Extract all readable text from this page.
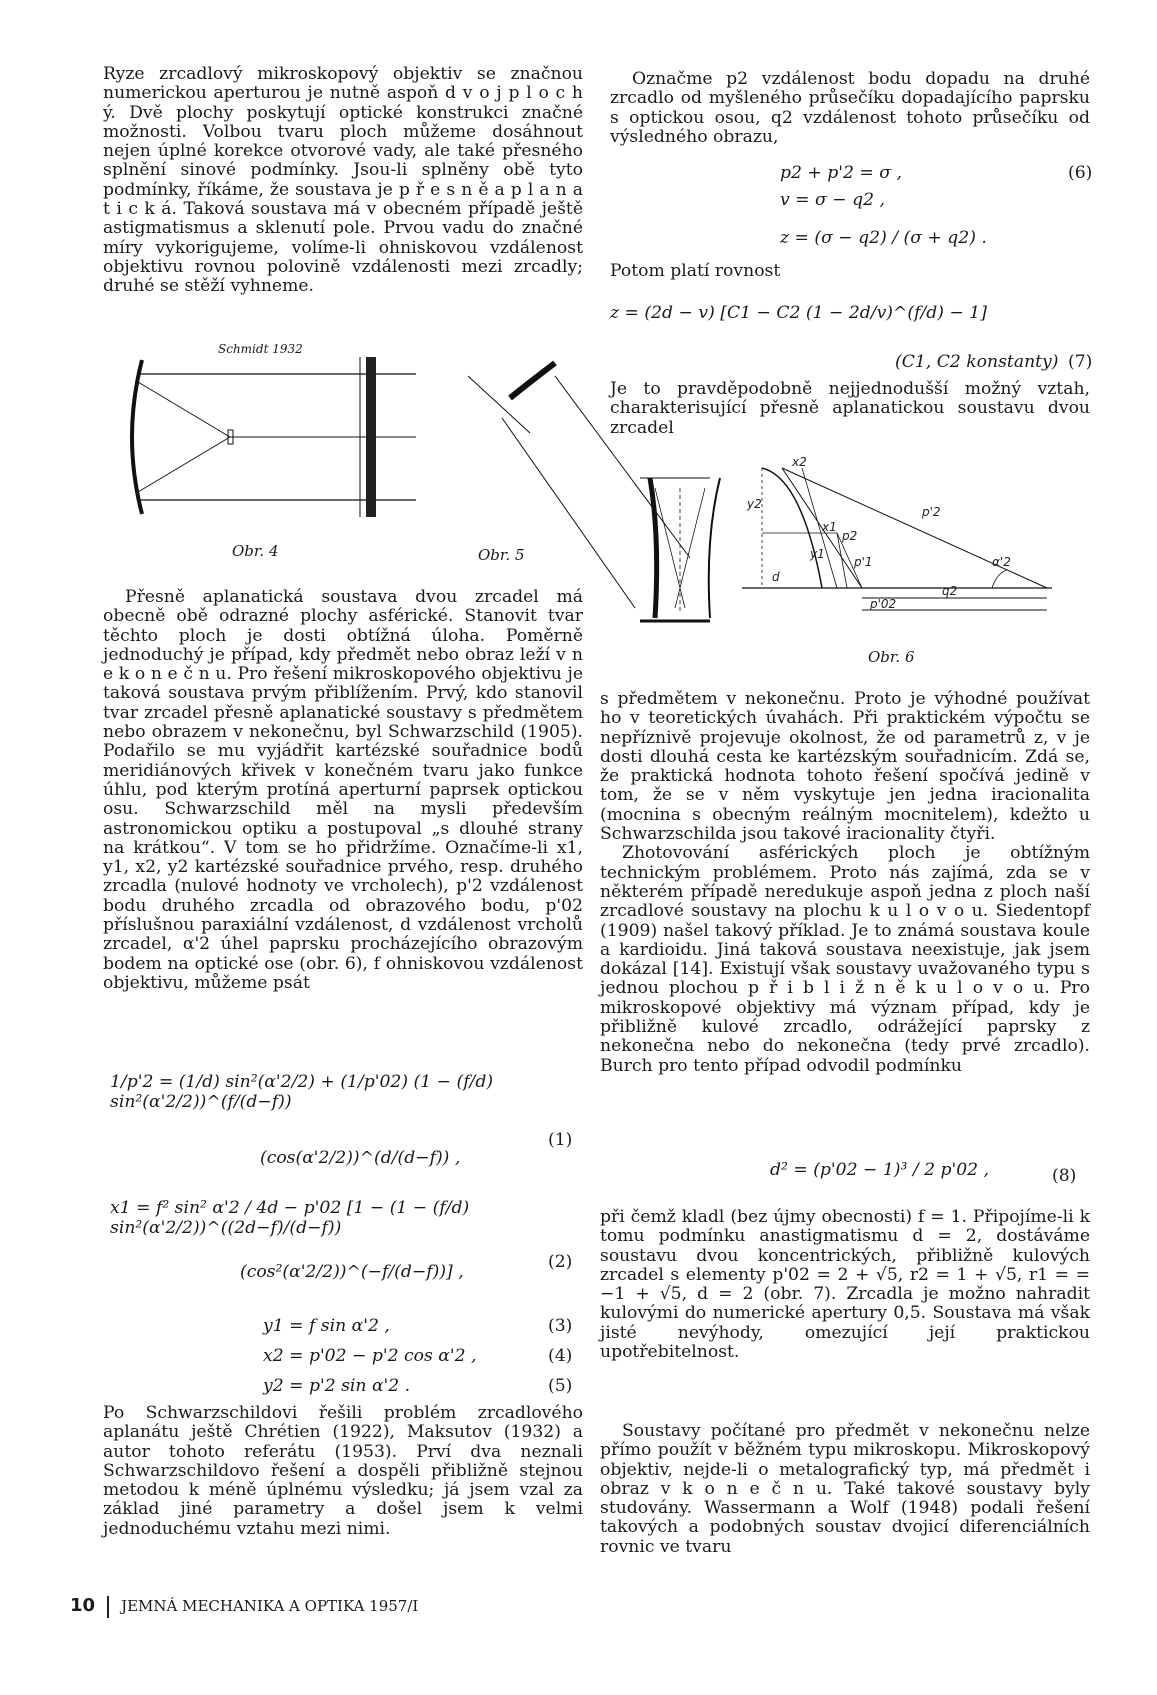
Ryze zrcadlový mikroskopový objektiv se značnou numerickou aperturou je nutně aspoň d v o j p l o c h ý. Dvě plochy poskytují optické konstrukci značné možnosti. Volbou tvaru ploch můžeme dosáhnout nejen úplné korekce otvorové vady, ale také přesného splnění sinové podmínky. Jsou-li splněny obě tyto podmínky, říkáme, že soustava je p ř e s n ě a p l a n a t i c k á. Taková soustava má v obecném případě ještě astigmatismus a sklenutí pole. Prvou vadu do značné míry vykorigujeme, volíme-li ohniskovou vzdálenost objektivu rovnou polovině vzdálenosti mezi zrcadly; druhé se stěží vyhneme.

Schmidt 1932
Obr. 4	Obr. 5

Přesně aplanatická soustava dvou zrcadel má obecně obě odrazné plochy asférické. Stanovit tvar těchto ploch je dosti obtížná úloha. Poměrně jednoduchý je případ, kdy předmět nebo obraz leží v n e k o n e č n u. Pro řešení mikroskopového objektivu je taková soustava prvým přiblížením. Prvý, kdo stanovil tvar zrcadel přesně aplanatické soustavy s předmětem nebo obrazem v nekonečnu, byl Schwarzschild (1905). Podařilo se mu vyjádřit kartézské souřadnice bodů meridiánových křivek v konečném tvaru jako funkce úhlu, pod kterým protíná aperturní paprsek optickou osu. Schwarzschild měl na mysli především astronomickou optiku a postupoval „s dlouhé strany na krátkou“. V tom se ho přidržíme. Označíme-li x1, y1, x2, y2 kartézské souřadnice prvého, resp. druhého zrcadla (nulové hodnoty ve vrcholech), p'2 vzdálenost bodu druhého zrcadla od obrazového bodu, p'02 příslušnou paraxiální vzdálenost, d vzdálenost vrcholů zrcadel, α'2 úhel paprsku procházejícího obrazovým bodem na optické ose (obr. 6), f ohniskovou vzdálenost objektivu, můžeme psát

1/p'2 = (1/d) sin²(α'2/2) + (1/p'02) (1 − (f/d) sin²(α'2/2))^(f/(d−f))
(cos(α'2/2))^(d/(d−f)) ,
(1)
x1 = f² sin² α'2 / 4d − p'02 [1 − (1 − (f/d) sin²(α'2/2))^((2d−f)/(d−f))
(cos²(α'2/2))^(−f/(d−f))] ,	(2)
y1 = f sin α'2 ,	(3)
x2 = p'02 − p'2 cos α'2 ,	(4)
y2 = p'2 sin α'2 .	(5)

Po Schwarzschildovi řešili problém zrcadlového aplanátu ještě Chrétien (1922), Maksutov (1932) a autor tohoto referátu (1953). Prví dva neznali Schwarzschildovo řešení a dospěli přibližně stejnou metodou k méně úplnému výsledku; já jsem vzal za základ jiné parametry a došel jsem k velmi jednoduchému vztahu mezi nimi.

Označme p2 vzdálenost bodu dopadu na druhé zrcadlo od myšleného průsečíku dopadajícího paprsku s optickou osou, q2 vzdálenost tohoto průsečíku od výsledného obrazu,

p2 + p'2 = σ ,	(6)
v = σ − q2 ,
z = (σ − q2) / (σ + q2) .

Potom platí rovnost

z = (2d − v) [C1 − C2 (1 − 2d/v)^(f/d) − 1]
(C1, C2 konstanty) (7)

Je to pravděpodobně nejjednodušší možný vztah, charakterisující přesně aplanatickou soustavu dvou zrcadel

x2
y2
x1
y1
p2
p'1
p'2
α'2
d
q2
p'02
Obr. 6

s předmětem v nekonečnu. Proto je výhodné používat ho v teoretických úvahách. Při praktickém výpočtu se nepříznivě projevuje okolnost, že od parametrů z, v je dosti dlouhá cesta ke kartézským souřadnicím. Zdá se, že praktická hodnota tohoto řešení spočívá jedině v tom, že se v něm vyskytuje jen jedna iracionalita (mocnina s obecným reálným mocnitelem), kdežto u Schwarzschilda jsou takové iracionality čtyři.

Zhotovování asférických ploch je obtížným technickým problémem. Proto nás zajímá, zda se v některém případě neredukuje aspoň jedna z ploch naší zrcadlové soustavy na plochu k u l o v o u. Siedentopf (1909) našel takový příklad. Je to známá soustava koule a kardioidu. Jiná taková soustava neexistuje, jak jsem dokázal [14]. Existují však soustavy uvažovaného typu s jednou plochou p ř i b l i ž n ě k u l o v o u. Pro mikroskopové objektivy má význam případ, kdy je přibližně kulové zrcadlo, odrážející paprsky z nekonečna nebo do nekonečna (tedy prvé zrcadlo). Burch pro tento případ odvodil podmínku

d² = (p'02 − 1)³ / 2 p'02 ,	(8)

při čemž kladl (bez újmy obecnosti) f = 1. Připojíme-li k tomu podmínku anastigmatismu d = 2, dostáváme soustavu dvou koncentrických, přibližně kulových zrcadel s elementy p'02 = 2 + √5, r2 = 1 + √5, r1 = = −1 + √5, d = 2 (obr. 7). Zrcadla je možno nahradit kulovými do numerické apertury 0,5. Soustava má však jisté nevýhody, omezující její praktickou upotřebitelnost.

Soustavy počítané pro předmět v nekonečnu nelze přímo použít v běžném typu mikroskopu. Mikroskopový objektiv, nejde-li o metalografický typ, má předmět i obraz v k o n e č n u. Také takové soustavy byly studovány. Wassermann a Wolf (1948) podali řešení takových a podobných soustav dvojicí diferenciálních rovnic ve tvaru

10 JEMNÁ MECHANIKA A OPTIKA 1957/I
